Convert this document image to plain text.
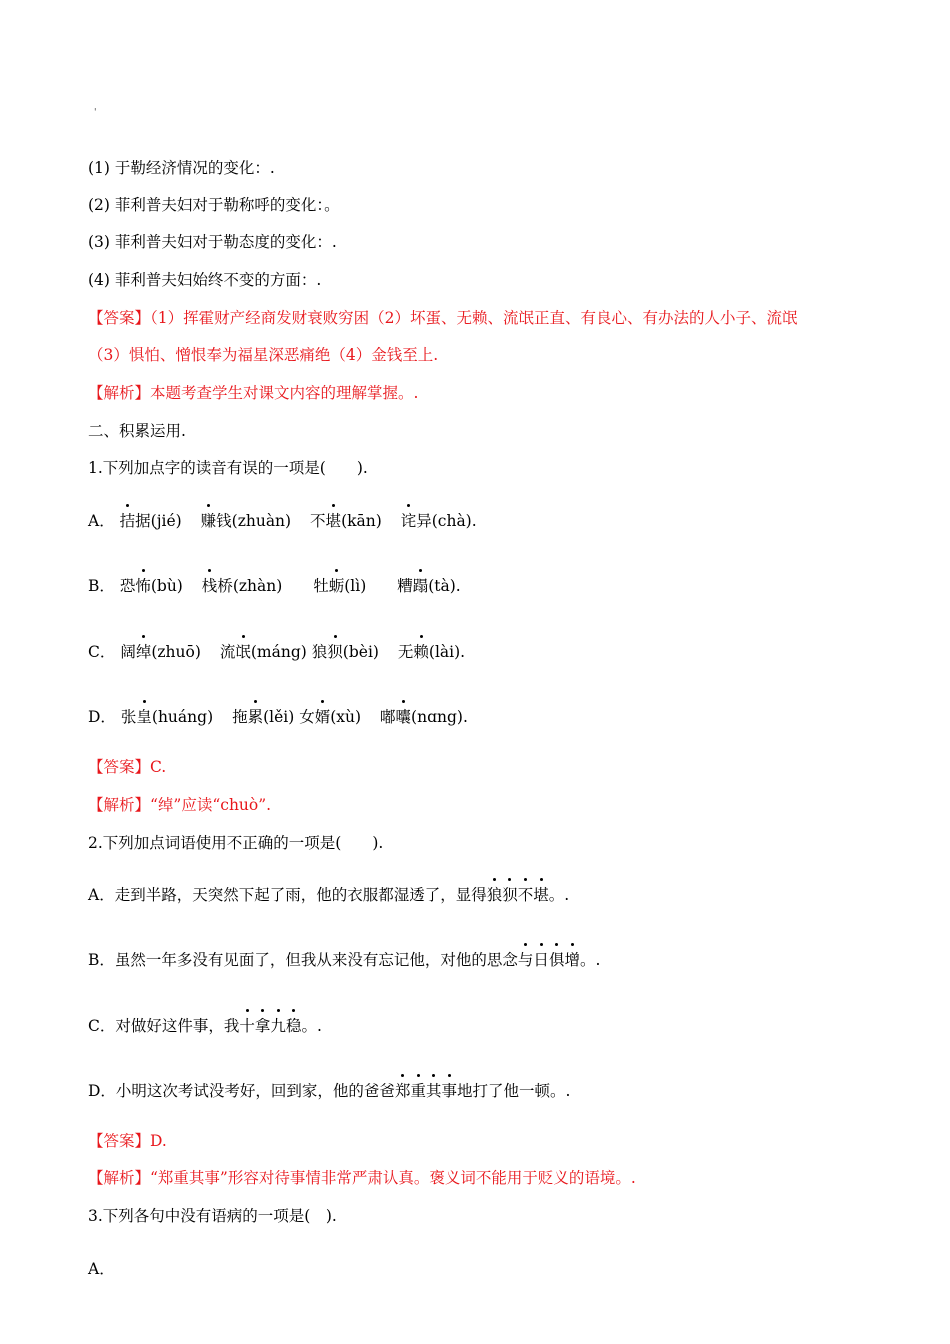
'
(1) 于勒经济情况的变化：.
(2) 菲利普夫妇对于勒称呼的变化：。
(3) 菲利普夫妇对于勒态度的变化：.
(4) 菲利普夫妇始终不变的方面：.
【答案】（1）挥霍财产经商发财衰败穷困（2）坏蛋、无赖、流氓正直、有良心、有办法的人小子、流氓
（3）惧怕、憎恨奉为福星深恶痛绝（4）金钱至上.
【解析】本题考查学生对课文内容的理解掌握。.
二、积累运用.
1.下列加点字的读音有误的一项是(　　).
A． 拮据(jié) 赚钱(zhuàn) 不堪(kān) 诧异(chà).
B． 恐怖(bù) 栈桥(zhàn) 牡蛎(lì) 糟蹋(tà).
C． 阔绰(zhuō) 流氓(máng) 狼狈(bèi) 无赖(lài).
D． 张皇(huáng) 拖累(lěi) 女婿(xù) 嘟囔(nɑng).
【答案】C.
【解析】“绰”应读“chuò”.
2.下列加点词语使用不正确的一项是(　　).
A．走到半路，天突然下起了雨，他的衣服都湿透了，显得狼狈不堪。.
B．虽然一年多没有见面了，但我从来没有忘记他，对他的思念与日俱增。.
C．对做好这件事，我十拿九稳。.
D．小明这次考试没考好，回到家，他的爸爸郑重其事地打了他一顿。.
【答案】D.
【解析】“郑重其事”形容对待事情非常严肃认真。褒义词不能用于贬义的语境。.
3.下列各句中没有语病的一项是(　).
A．
